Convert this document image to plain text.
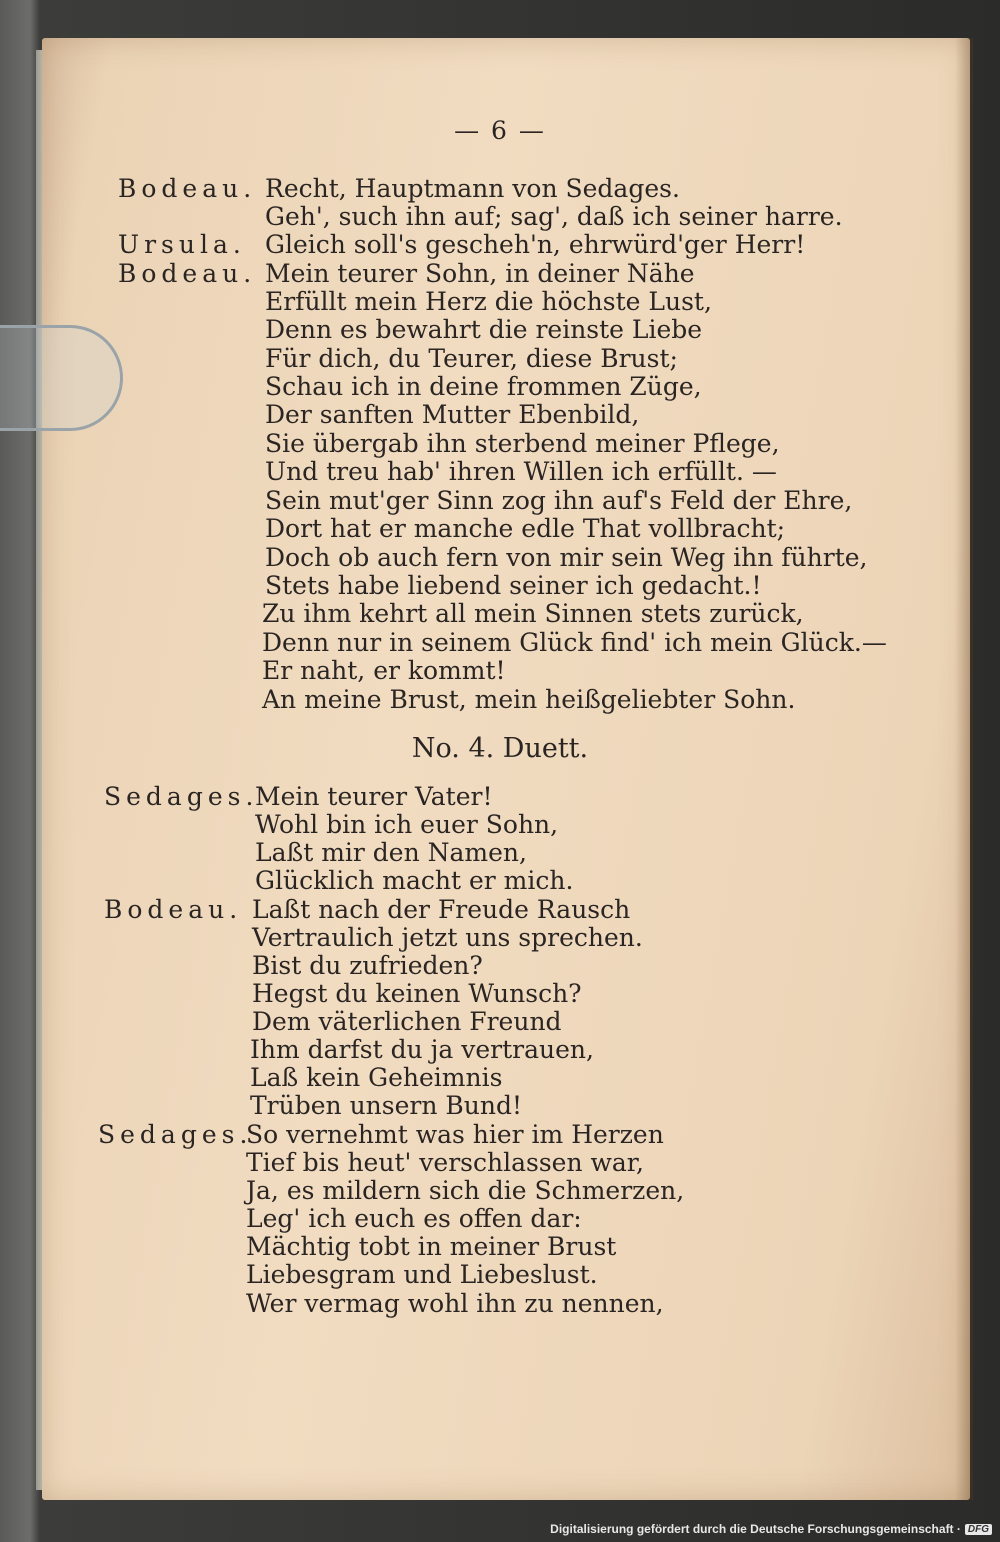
— 6 —
Bodeau.
Ursula.
Bodeau.
Sedages.
Bodeau.
Sedages.
Recht, Hauptmann von Sedages.
Geh', such ihn auf; sag', daß ich seiner harre.
Gleich soll's gescheh'n, ehrwürd'ger Herr!
Mein teurer Sohn, in deiner Nähe
Erfüllt mein Herz die höchste Lust,
Denn es bewahrt die reinste Liebe
Für dich, du Teurer, diese Brust;
Schau ich in deine frommen Züge,
Der sanften Mutter Ebenbild,
Sie übergab ihn sterbend meiner Pflege,
Und treu hab' ihren Willen ich erfüllt. —
Sein mut'ger Sinn zog ihn auf's Feld der Ehre,
Dort hat er manche edle That vollbracht;
Doch ob auch fern von mir sein Weg ihn führte,
Stets habe liebend seiner ich gedacht.!
Zu ihm kehrt all mein Sinnen stets zurück,
Denn nur in seinem Glück find' ich mein Glück.—
Er naht, er kommt!
An meine Brust, mein heißgeliebter Sohn.
No. 4. Duett.
Mein teurer Vater!
Wohl bin ich euer Sohn,
Laßt mir den Namen,
Glücklich macht er mich.
Laßt nach der Freude Rausch
Vertraulich jetzt uns sprechen.
Bist du zufrieden?
Hegst du keinen Wunsch?
Dem väterlichen Freund
Ihm darfst du ja vertrauen,
Laß kein Geheimnis
Trüben unsern Bund!
So vernehmt was hier im Herzen
Tief bis heut' verschlassen war,
Ja, es mildern sich die Schmerzen,
Leg' ich euch es offen dar:
Mächtig tobt in meiner Brust
Liebesgram und Liebeslust.
Wer vermag wohl ihn zu nennen,
Digitalisierung gefördert durch die Deutsche Forschungsgemeinschaft · DFG
